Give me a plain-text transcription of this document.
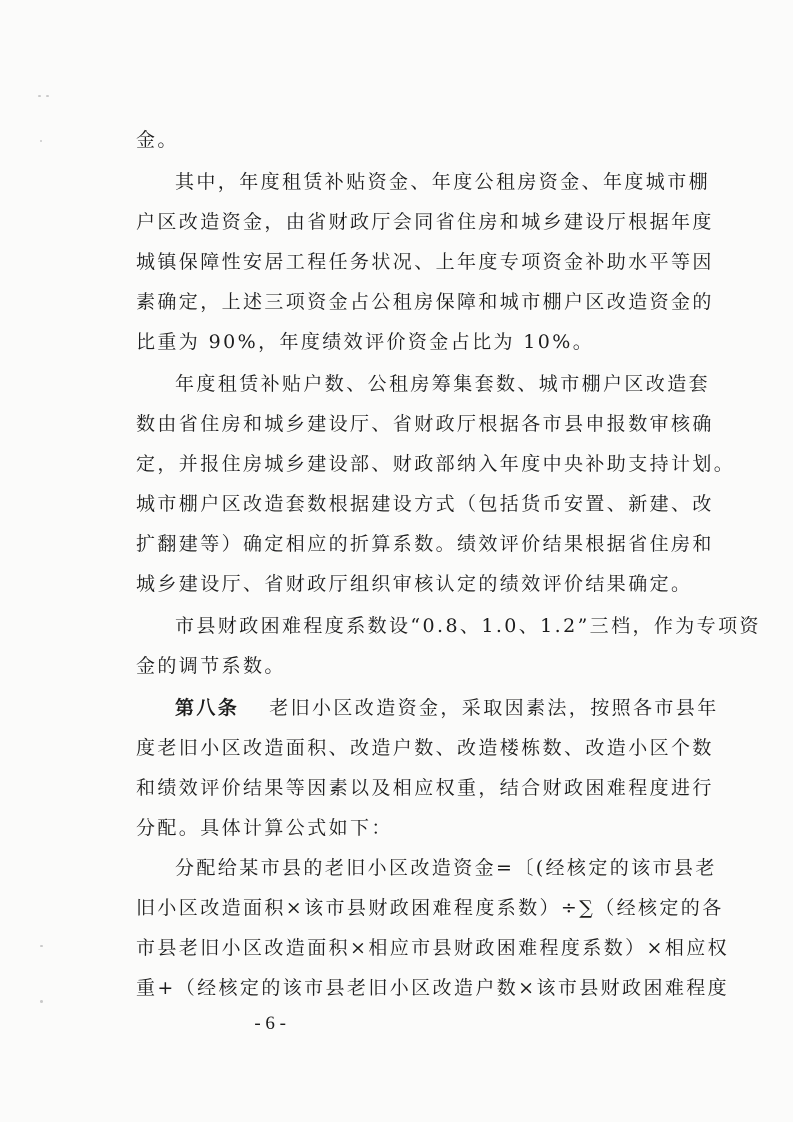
金。
其中，年度租赁补贴资金、年度公租房资金、年度城市棚
户区改造资金，由省财政厅会同省住房和城乡建设厅根据年度
城镇保障性安居工程任务状况、上年度专项资金补助水平等因
素确定，上述三项资金占公租房保障和城市棚户区改造资金的
比重为 90%，年度绩效评价资金占比为 10%。
年度租赁补贴户数、公租房筹集套数、城市棚户区改造套
数由省住房和城乡建设厅、省财政厅根据各市县申报数审核确
定，并报住房城乡建设部、财政部纳入年度中央补助支持计划。
城市棚户区改造套数根据建设方式（包括货币安置、新建、改
扩翻建等）确定相应的折算系数。绩效评价结果根据省住房和
城乡建设厅、省财政厅组织审核认定的绩效评价结果确定。
市县财政困难程度系数设“0.8、1.0、1.2”三档，作为专项资
金的调节系数。
第八条 老旧小区改造资金，采取因素法，按照各市县年
度老旧小区改造面积、改造户数、改造楼栋数、改造小区个数
和绩效评价结果等因素以及相应权重，结合财政困难程度进行
分配。具体计算公式如下：
分配给某市县的老旧小区改造资金=〔(经核定的该市县老
旧小区改造面积×该市县财政困难程度系数）÷∑（经核定的各
市县老旧小区改造面积×相应市县财政困难程度系数）×相应权
重+（经核定的该市县老旧小区改造户数×该市县财政困难程度
- 6 -
